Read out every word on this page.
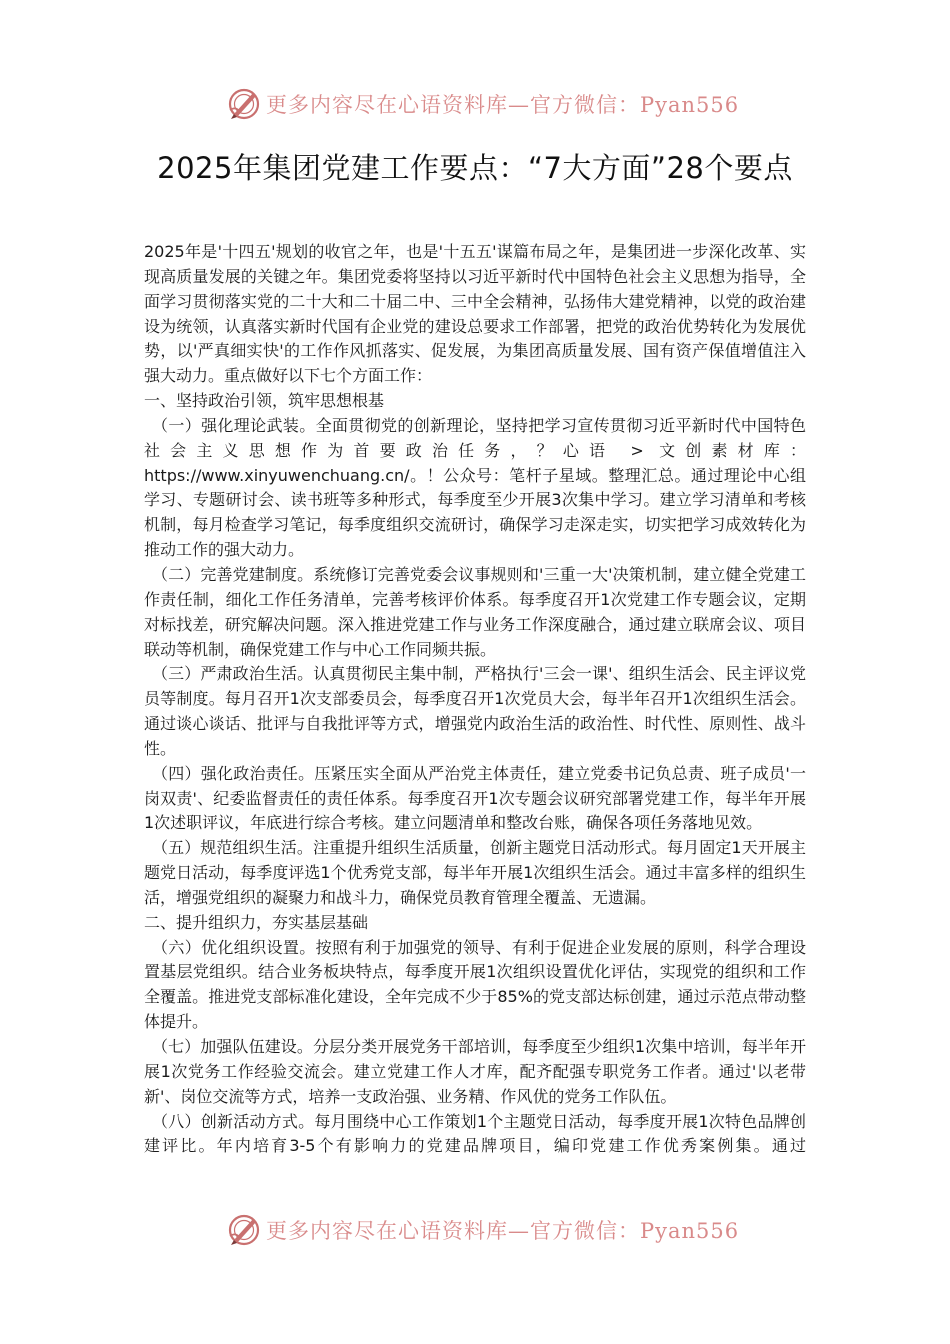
更多内容尽在心语资料库—官方微信：Pyan556
2025年集团党建工作要点：“7大方面”28个要点

2025年是'十四五'规划的收官之年，也是'十五五'谋篇布局之年，是集团进一步深化改革、实现高质量发展的关键之年。集团党委将坚持以习近平新时代中国特色社会主义思想为指导，全面学习贯彻落实党的二十大和二十届二中、三中全会精神，弘扬伟大建党精神，以党的政治建设为统领，认真落实新时代国有企业党的建设总要求工作部署，把党的政治优势转化为发展优势，以'严真细实快'的工作作风抓落实、促发展，为集团高质量发展、国有资产保值增值注入强大动力。重点做好以下七个方面工作：

一、坚持政治引领，筑牢思想根基

（一）强化理论武装。全面贯彻党的创新理论，坚持把学习宣传贯彻习近平新时代中国特色社会主义思想作为首要政治任务，？心语 > 文创素材库：https://www.xinyuwenchuang.cn/。！公众号：笔杆子星域。整理汇总。通过理论中心组学习、专题研讨会、读书班等多种形式，每季度至少开展3次集中学习。建立学习清单和考核机制，每月检查学习笔记，每季度组织交流研讨，确保学习走深走实，切实把学习成效转化为推动工作的强大动力。

（二）完善党建制度。系统修订完善党委会议事规则和'三重一大'决策机制，建立健全党建工作责任制，细化工作任务清单，完善考核评价体系。每季度召开1次党建工作专题会议，定期对标找差，研究解决问题。深入推进党建工作与业务工作深度融合，通过建立联席会议、项目联动等机制，确保党建工作与中心工作同频共振。

（三）严肃政治生活。认真贯彻民主集中制，严格执行'三会一课'、组织生活会、民主评议党员等制度。每月召开1次支部委员会，每季度召开1次党员大会，每半年召开1次组织生活会。通过谈心谈话、批评与自我批评等方式，增强党内政治生活的政治性、时代性、原则性、战斗性。

（四）强化政治责任。压紧压实全面从严治党主体责任，建立党委书记负总责、班子成员'一岗双责'、纪委监督责任的责任体系。每季度召开1次专题会议研究部署党建工作，每半年开展1次述职评议，年底进行综合考核。建立问题清单和整改台账，确保各项任务落地见效。

（五）规范组织生活。注重提升组织生活质量，创新主题党日活动形式。每月固定1天开展主题党日活动，每季度评选1个优秀党支部，每半年开展1次组织生活会。通过丰富多样的组织生活，增强党组织的凝聚力和战斗力，确保党员教育管理全覆盖、无遗漏。

二、提升组织力，夯实基层基础

（六）优化组织设置。按照有利于加强党的领导、有利于促进企业发展的原则，科学合理设置基层党组织。结合业务板块特点，每季度开展1次组织设置优化评估，实现党的组织和工作全覆盖。推进党支部标准化建设，全年完成不少于85%的党支部达标创建，通过示范点带动整体提升。

（七）加强队伍建设。分层分类开展党务干部培训，每季度至少组织1次集中培训，每半年开展1次党务工作经验交流会。建立党建工作人才库，配齐配强专职党务工作者。通过'以老带新'、岗位交流等方式，培养一支政治强、业务精、作风优的党务工作队伍。

（八）创新活动方式。每月围绕中心工作策划1个主题党日活动，每季度开展1次特色品牌创建评比。年内培育3-5个有影响力的党建品牌项目，编印党建工作优秀案例集。通过

更多内容尽在心语资料库—官方微信：Pyan556
